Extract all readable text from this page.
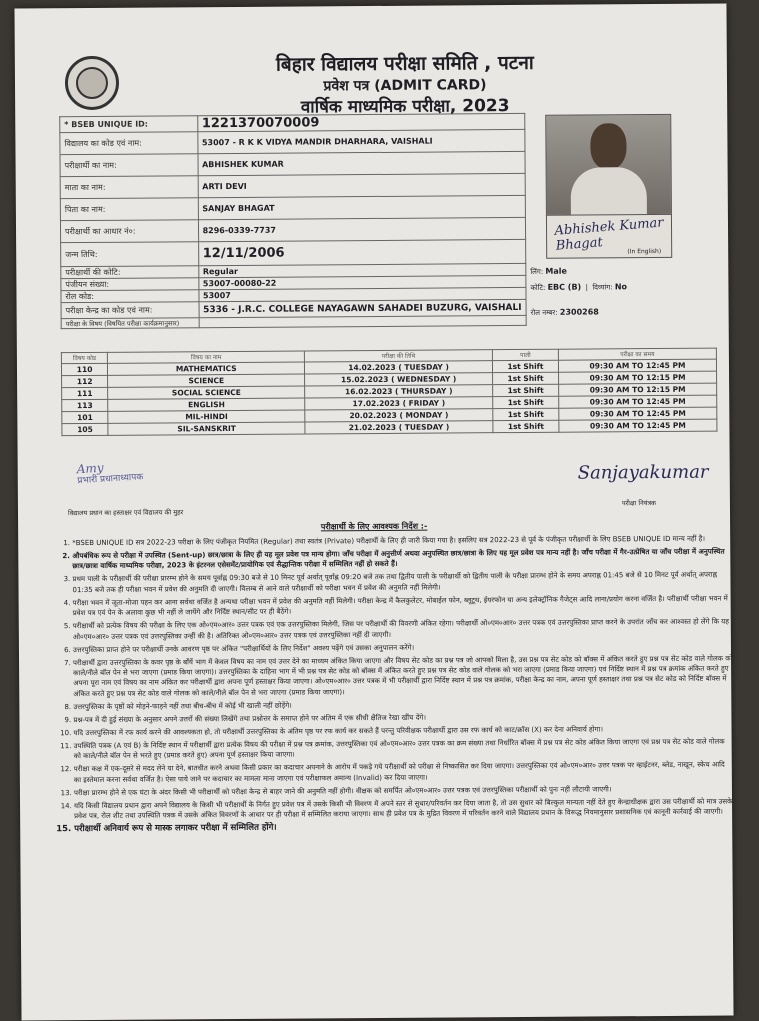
बिहार विद्यालय परीक्षा समिति , पटना
प्रवेश पत्र (ADMIT CARD)
वार्षिक माध्यमिक परीक्षा, 2023
* BSEB UNIQUE ID:	1221370070009
विद्यालय का कोड एवं नाम:	53007 - R K K VIDYA MANDIR DHARHARA, VAISHALI
परीक्षार्थी का नाम:	ABHISHEK KUMAR
माता का नाम:	ARTI DEVI
पिता का नाम:	SANJAY BHAGAT
परीक्षार्थी का आधार नं०:	8296-0339-7737
जन्म तिथि:	12/11/2006
परीक्षार्थी की कोटि:	Regular
पंजीयन संख्या:	53007-00080-22
रोल कोड:	53007
परीक्षा केन्द्र का कोड एवं नाम:	5336 - J.R.C. COLLEGE NAYAGAWN SAHADEI BUZURG, VAISHALI
परीक्षा के विषय (विषयित परीक्षा कार्यक्रमानुसार)	
Abhishek Kumar Bhagat	(In English)
लिंग: Male
कोटि: EBC (B)  |  दिव्यांग: No
रोल नम्बर: 2300268
विषय कोड	विषय का नाम	परीक्षा की तिथि	पाली	परीक्षा का समय
110	MATHEMATICS	14.02.2023 ( TUESDAY )	1st Shift	09:30 AM TO 12:45 PM
112	SCIENCE	15.02.2023 ( WEDNESDAY )	1st Shift	09:30 AM TO 12:15 PM
111	SOCIAL SCIENCE	16.02.2023 ( THURSDAY )	1st Shift	09:30 AM TO 12:15 PM
113	ENGLISH	17.02.2023 ( FRIDAY )	1st Shift	09:30 AM TO 12:45 PM
101	MIL-HINDI	20.02.2023 ( MONDAY )	1st Shift	09:30 AM TO 12:45 PM
105	SIL-SANSKRIT	21.02.2023 ( TUESDAY )	1st Shift	09:30 AM TO 12:45 PM
Amy
प्रभारी प्रधानाध्यापक
विद्यालय प्रधान का हस्ताक्षर एवं विद्यालय की मुहर
Sanjayakumar
परीक्षा नियंत्रक
परीक्षार्थी के लिए आवश्यक निर्देश :-
1. *BSEB UNIQUE ID सत्र 2022-23 परीक्षा के लिए पंजीकृत नियमित (Regular) तथा स्वतंत्र (Private) परीक्षार्थी के लिए ही जारी किया गया है। इसलिए सत्र 2022-23 से पूर्व के पंजीकृत परीक्षार्थी के लिए BSEB UNIQUE ID मान्य नहीं है।
2. औपबंधिक रूप से परीक्षा में उपस्थित (Sent-up) छात्र/छात्रा के लिए ही यह मूल प्रवेश पत्र मान्य होगा। जाँच परीक्षा में अनुत्तीर्ण अथवा अनुपस्थित छात्र/छात्रा के लिए यह मूल प्रवेश पत्र मान्य नहीं है। जाँच परीक्षा में गैर-उत्प्रेषित या जाँच परीक्षा में अनुपस्थित छात्र/छात्रा वार्षिक माध्यमिक परीक्षा, 2023 के इंटरनल एसेसमेंट/प्रायोगिक एवं सैद्धान्तिक परीक्षा में सम्मिलित नहीं हो सकते हैं।
3. प्रथम पाली के परीक्षार्थी की परीक्षा प्रारम्भ होने के समय पूर्वाह्न 09:30 बजे से 10 मिनट पूर्व अर्थात् पूर्वाह्न 09:20 बजे तक तथा द्वितीय पाली के परीक्षार्थी को द्वितीय पाली के परीक्षा प्रारम्भ होने के समय अपराह्न 01:45 बजे से 10 मिनट पूर्व अर्थात् अपराह्न 01:35 बजे तक ही परीक्षा भवन में प्रवेश की अनुमति दी जाएगी। विलम्ब से आने वाले परीक्षार्थी को परीक्षा भवन में प्रवेश की अनुमति नहीं मिलेगी।
4. परीक्षा भवन में जूता-मोजा पहन कर आना सर्वथा वर्जित है अन्यथा परीक्षा भवन में प्रवेश की अनुमति नहीं मिलेगी। परीक्षा केन्द्र में कैलकुलेटर, मोबाईल फोन, ब्लूटूथ, ईयरफोन या अन्य इलेक्ट्रॉनिक गैजेट्स आदि लाना/प्रयोग करना वर्जित है। परीक्षार्थी परीक्षा भवन में प्रवेश पत्र एवं पेन के अलावा कुछ भी नहीं ले जायेंगे और निर्दिष्ट स्थान/सीट पर ही बैठेंगे।
5. परीक्षार्थी को प्रत्येक विषय की परीक्षा के लिए एक ओ०एम०आर० उत्तर पत्रक एवं एक उत्तरपुस्तिका मिलेगी, जिस पर परीक्षार्थी की विवरणी अंकित रहेगा। परीक्षार्थी ओ०एम०आर० उत्तर पत्रक एवं उत्तरपुस्तिका प्राप्त करने के उपरांत जाँच कर आश्वस्त हो लेंगे कि यह ओ०एम०आर० उत्तर पत्रक एवं उत्तरपुस्तिका उन्हीं की है। अतिरिक्त ओ०एम०आर० उत्तर पत्रक एवं उत्तरपुस्तिका नहीं दी जाएगी।
6. उत्तरपुस्तिका प्राप्त होने पर परीक्षार्थी उनके आवरण पृष्ठ पर अंकित "परीक्षार्थियों के लिए निर्देश" अवश्य पढ़ेंगे एवं उसका अनुपालन करेंगे।
7. परीक्षार्थी द्वारा उत्तरपुस्तिका के कवर पृष्ठ के बाँयें भाग में केवल विषय का नाम एवं उत्तर देने का माध्यम अंकित किया जाएगा और विषय सेट कोड का प्रश्न पत्र जो आपको मिला है, उस प्रश्न पत्र सेट कोड को बॉक्स में अंकित करते हुए प्रश्न पत्र सेट कोड वाले गोलक को काले/नीले बॉल पेन से भरा जाएगा (प्रमाड किया जाएगा)। उत्तरपुस्तिका के दाहिना भाग में भी प्रश्न पत्र सेट कोड को बॉक्स में अंकित करते हुए प्रश्न पत्र सेट कोड वाले गोलक को भरा जाएगा (प्रमाड किया जाएगा) एवं निर्दिष्ट स्थान में प्रश्न पत्र क्रमांक अंकित करते हुए अपना पूरा नाम एवं विषय का नाम अंकित कर परीक्षार्थी द्वारा अपना पूर्ण हस्ताक्षर किया जाएगा। ओ०एम०आर० उत्तर पत्रक में भी परीक्षार्थी द्वारा निर्दिष्ट स्थान में प्रश्न पत्र क्रमांक, परीक्षा केन्द्र का नाम, अपना पूर्ण हस्ताक्षर तथा प्रश्न पत्र सेट कोड को निर्दिष्ट बॉक्स में अंकित करते हुए प्रश्न पत्र सेट कोड वाले गोलक को काले/नीले बॉल पेन से भरा जाएगा (प्रमाड किया जाएगा)।
8. उत्तरपुस्तिका के पृष्ठों को मोड़ने-फाड़ने नहीं तथा बीच-बीच में कोई भी खाली नहीं छोड़ेंगे।
9. प्रश्न-पत्र में दी हुई संख्या के अनुसार अपने उत्तरों की संख्या लिखेंगे तथा प्रश्नोत्तर के समाप्त होने पर अंतिम में एक सीधी क्षैतिज रेखा खींच देंगे।
10. यदि उत्तरपुस्तिका में रफ कार्य करने की आवश्यकता हो, तो परीक्षार्थी उत्तरपुस्तिका के अंतिम पृष्ठ पर रफ कार्य कर सकते हैं परन्तु परिवीक्षक परीक्षार्थी द्वारा उस रफ कार्य को काट/क्रॉस (X) कर देना अनिवार्य होगा।
11. उपस्थिति पत्रक (A एवं B) के निर्दिष्ट स्थान में परीक्षार्थी द्वारा प्रत्येक विषय की परीक्षा में प्रश्न पत्र क्रमांक, उत्तरपुस्तिका एवं ओ०एम०आर० उत्तर पत्रक का क्रम संख्या तथा निर्धारित बॉक्स में प्रश्न पत्र सेट कोड अंकित किया जाएगा एवं प्रश्न पत्र सेट कोड वाले गोलक को काले/नीले बॉल पेन से भरते हुए (प्रमाड करते हुए) अपना पूर्ण हस्ताक्षर किया जाएगा।
12. परीक्षा कक्ष में एक-दूसरे से मदद लेने या देने, बातचीत करने अथवा किसी प्रकार का कदाचार अपनाने के आरोप में पकड़े गये परीक्षार्थी को परीक्षा से निष्कासित कर दिया जाएगा। उत्तरपुस्तिका एवं ओ०एम०आर० उत्तर पत्रक पर व्हाईटनर, ब्लेड, नाखून, स्केच आदि का इस्तेमाल करना सर्वथा वर्जित है। ऐसा पाये जाने पर कदाचार का मामला माना जाएगा एवं परीक्षाफल अमान्य (Invalid) कर दिया जाएगा।
13. परीक्षा प्रारम्भ होने से एक घंटा के अंदर किसी भी परीक्षार्थी को परीक्षा केन्द्र से बाहर जाने की अनुमति नहीं होगी। वीक्षक को समर्पित ओ०एम०आर० उत्तर पत्रक एवं उत्तरपुस्तिका परीक्षार्थी को पुनः नहीं लौटायी जाएगी।
14. यदि किसी विद्यालय प्रधान द्वारा अपने विद्यालय के किसी भी परीक्षार्थी के निर्गत हुए प्रवेश पत्र में उसके किसी भी विवरण में अपने स्तर से सुधार/परिवर्तन कर दिया जाता है, तो उस सुधार को बिल्कुल मान्यता नहीं देते हुए केन्द्राधीक्षक द्वारा उस परीक्षार्थी को मात्र उसके प्रवेश पत्र, रोल शीट तथा उपस्थिति पत्रक में उसके अंकित विवरणों के आधार पर ही परीक्षा में सम्मिलित कराया जाएगा। साथ ही प्रवेश पत्र के मुद्रित विवरण में परिवर्तन करने वाले विद्यालय प्रधान के विरूद्ध नियमानुसार प्रशासनिक एवं कानूनी कार्रवाई की जाएगी।
15. परीक्षार्थी अनिवार्य रूप से मास्क लगाकर परीक्षा में सम्मिलित होंगे।
